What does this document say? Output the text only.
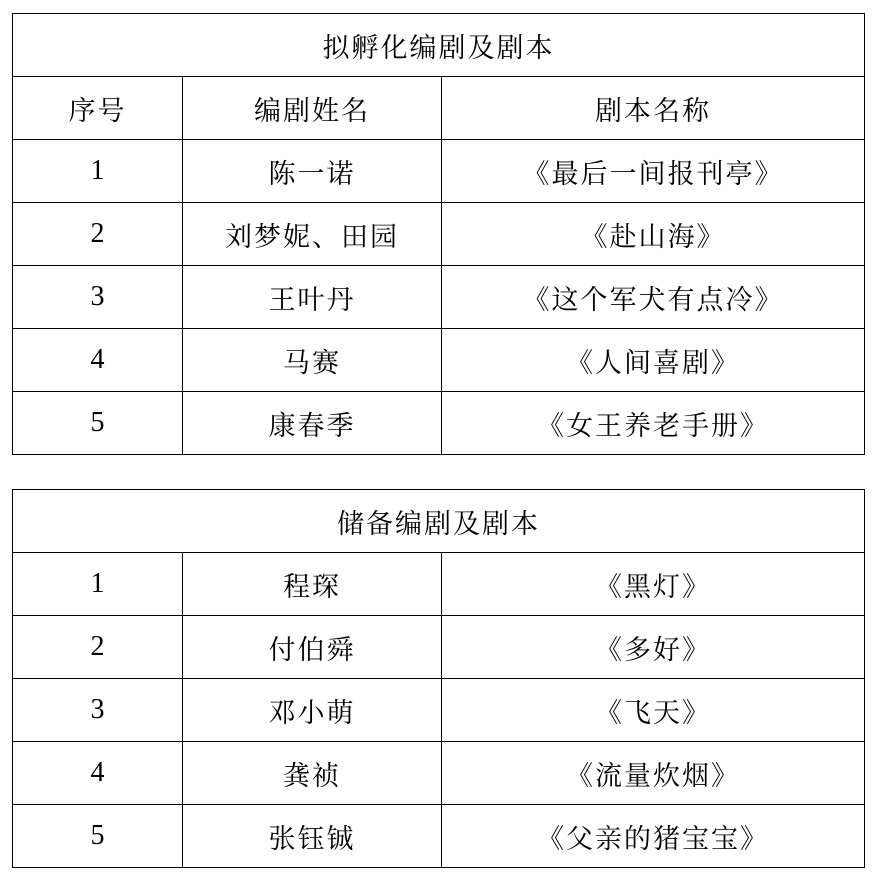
拟孵化编剧及剧本		
序号	编剧姓名	剧本名称
1	陈一诺	《最后一间报刊亭》
2	刘梦妮、田园	《赴山海》
3	王叶丹	《这个军犬有点冷》
4	马赛	《人间喜剧》
5	康春季	《女王养老手册》
储备编剧及剧本		
1	程琛	《黑灯》
2	付伯舜	《多好》
3	邓小萌	《飞天》
4	龚祯	《流量炊烟》
5	张钰铖	《父亲的猪宝宝》
